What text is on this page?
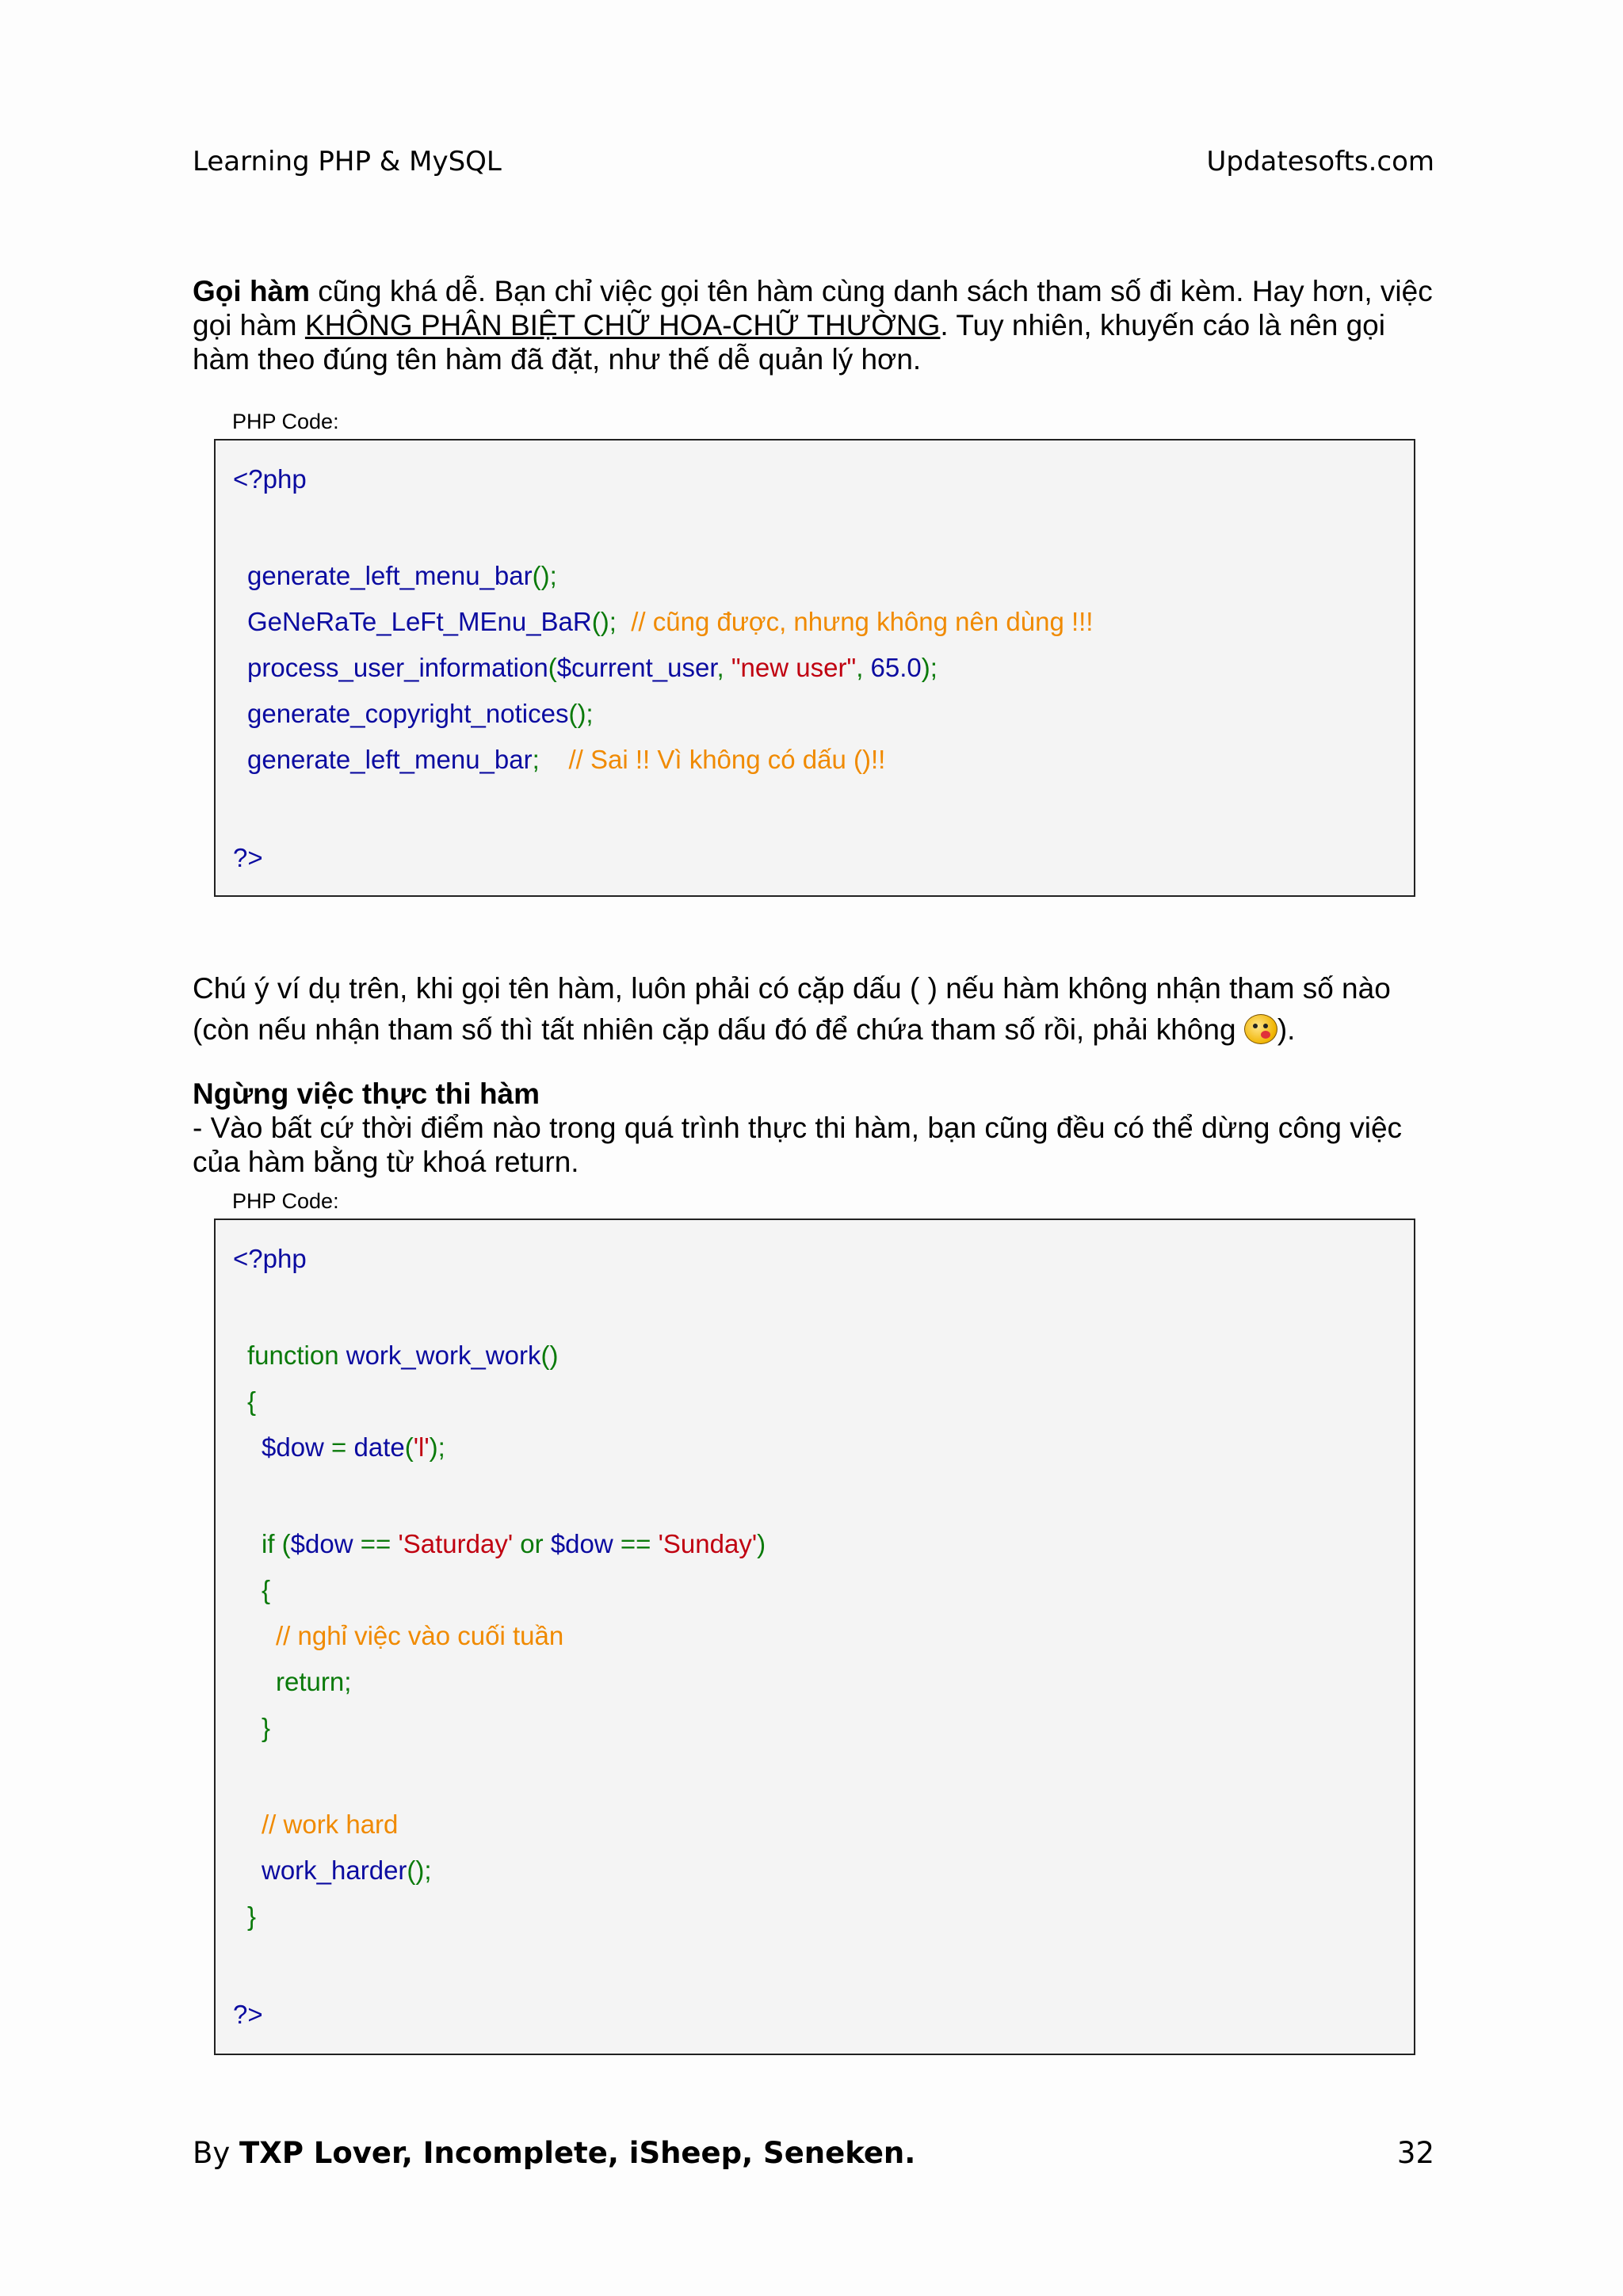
Learning PHP & MySQL	Updatesofts.com
Gọi hàm cũng khá dễ. Bạn chỉ việc gọi tên hàm cùng danh sách tham số đi kèm. Hay hơn, việc gọi hàm KHÔNG PHÂN BIỆT CHỮ HOA-CHỮ THƯỜNG. Tuy nhiên, khuyến cáo là nên gọi hàm theo đúng tên hàm đã đặt, như thế dễ quản lý hơn.
PHP Code:
<?php
generate_left_menu_bar();
GeNeRaTe_LeFt_MEnu_BaR(); // cũng được, nhưng không nên dùng !!!
process_user_information($current_user, "new user", 65.0);
generate_copyright_notices();
generate_left_menu_bar; // Sai !! Vì không có dấu ()!!
?>
Chú ý ví dụ trên, khi gọi tên hàm, luôn phải có cặp dấu ( ) nếu hàm không nhận tham số nào (còn nếu nhận tham số thì tất nhiên cặp dấu đó để chứa tham số rồi, phải không ).
Ngừng việc thực thi hàm
- Vào bất cứ thời điểm nào trong quá trình thực thi hàm, bạn cũng đều có thể dừng công việc của hàm bằng từ khoá return.
PHP Code:
<?php
function work_work_work()
{
$dow = date('l');
if ($dow == 'Saturday' or $dow == 'Sunday')
{
// nghỉ việc vào cuối tuần
return;
}
// work hard
work_harder();
}
?>
By TXP Lover, Incomplete, iSheep, Seneken.	32
